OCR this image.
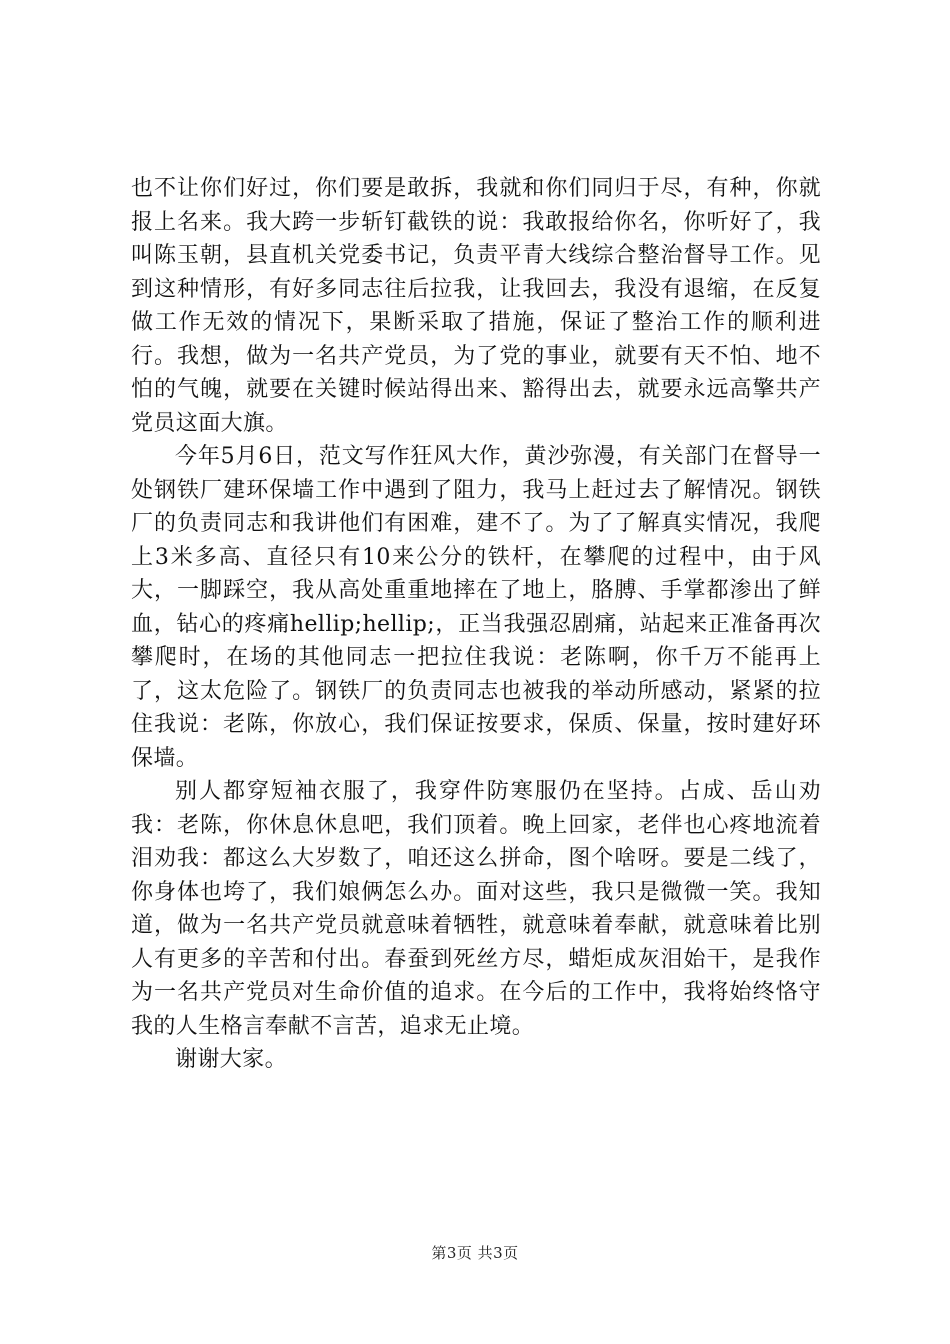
也不让你们好过，你们要是敢拆，我就和你们同归于尽，有种，你就报上名来。我大跨一步斩钉截铁的说：我敢报给你名，你听好了，我叫陈玉朝，县直机关党委书记，负责平青大线综合整治督导工作。见到这种情形，有好多同志往后拉我，让我回去，我没有退缩，在反复做工作无效的情况下，果断采取了措施，保证了整治工作的顺利进行。我想，做为一名共产党员，为了党的事业，就要有天不怕、地不怕的气魄，就要在关键时候站得出来、豁得出去，就要永远高擎共产党员这面大旗。

今年5月6日，范文写作狂风大作，黄沙弥漫，有关部门在督导一处钢铁厂建环保墙工作中遇到了阻力，我马上赶过去了解情况。钢铁厂的负责同志和我讲他们有困难，建不了。为了了解真实情况，我爬上3米多高、直径只有10来公分的铁杆，在攀爬的过程中，由于风大，一脚踩空，我从高处重重地摔在了地上，胳膊、手掌都渗出了鲜血，钻心的疼痛hellip;hellip;，正当我强忍剧痛，站起来正准备再次攀爬时，在场的其他同志一把拉住我说：老陈啊，你千万不能再上了，这太危险了。钢铁厂的负责同志也被我的举动所感动，紧紧的拉住我说：老陈，你放心，我们保证按要求，保质、保量，按时建好环保墙。

别人都穿短袖衣服了，我穿件防寒服仍在坚持。占成、岳山劝我：老陈，你休息休息吧，我们顶着。晚上回家，老伴也心疼地流着泪劝我：都这么大岁数了，咱还这么拼命，图个啥呀。要是二线了，你身体也垮了，我们娘俩怎么办。面对这些，我只是微微一笑。我知道，做为一名共产党员就意味着牺牲，就意味着奉献，就意味着比别人有更多的辛苦和付出。春蚕到死丝方尽，蜡炬成灰泪始干，是我作为一名共产党员对生命价值的追求。在今后的工作中，我将始终恪守我的人生格言奉献不言苦，追求无止境。

谢谢大家。

第3页 共3页
